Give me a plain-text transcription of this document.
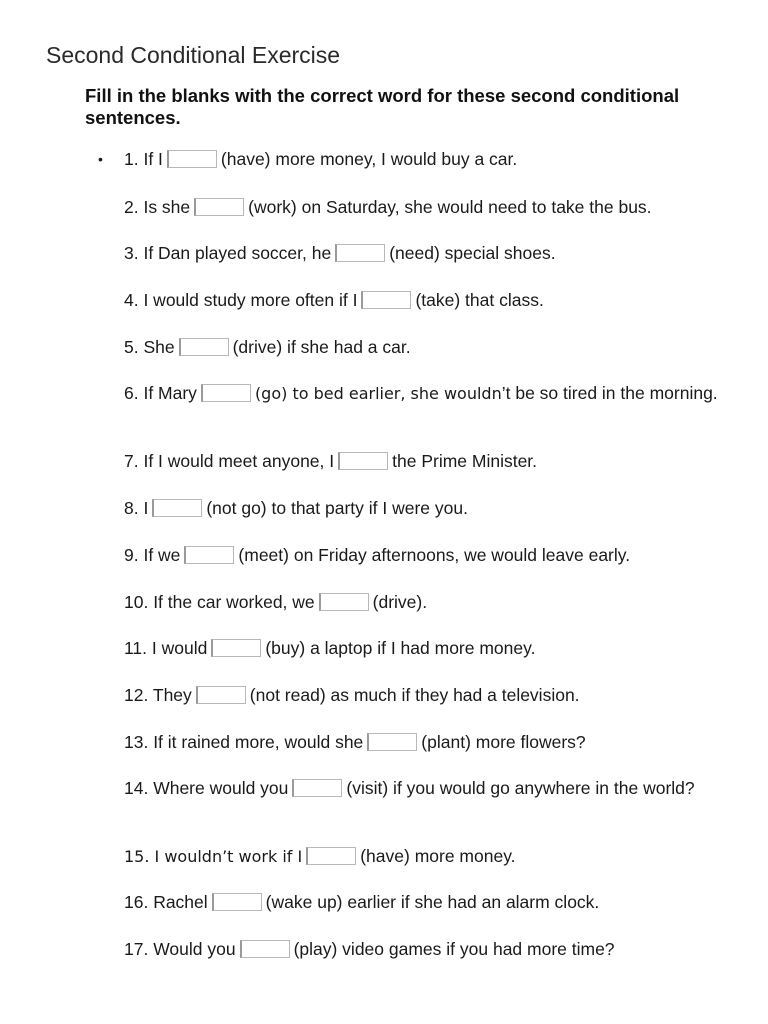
Second Conditional Exercise
Fill in the blanks with the correct word for these second conditional sentences.
• 1. If I	(have) more money, I would buy a car.
2. Is she	(work) on Saturday, she would need to take the bus.
3. If Dan played soccer, he	(need) special shoes.
4. I would study more often if I	(take) that class.
5. She	(drive) if she had a car.
6. If Mary	(go) to bed earlier, she wouldn’t be so tired in the morning.
7. If I would meet anyone, I	the Prime Minister.
8. I	(not go) to that party if I were you.
9. If we	(meet) on Friday afternoons, we would leave early.
10. If the car worked, we	(drive).
11. I would	(buy) a laptop if I had more money.
12. They	(not read) as much if they had a television.
13. If it rained more, would she	(plant) more flowers?
14. Where would you	(visit) if you would go anywhere in the world?
15. I wouldn’t work if I	(have) more money.
16. Rachel	(wake up) earlier if she had an alarm clock.
17. Would you	(play) video games if you had more time?
